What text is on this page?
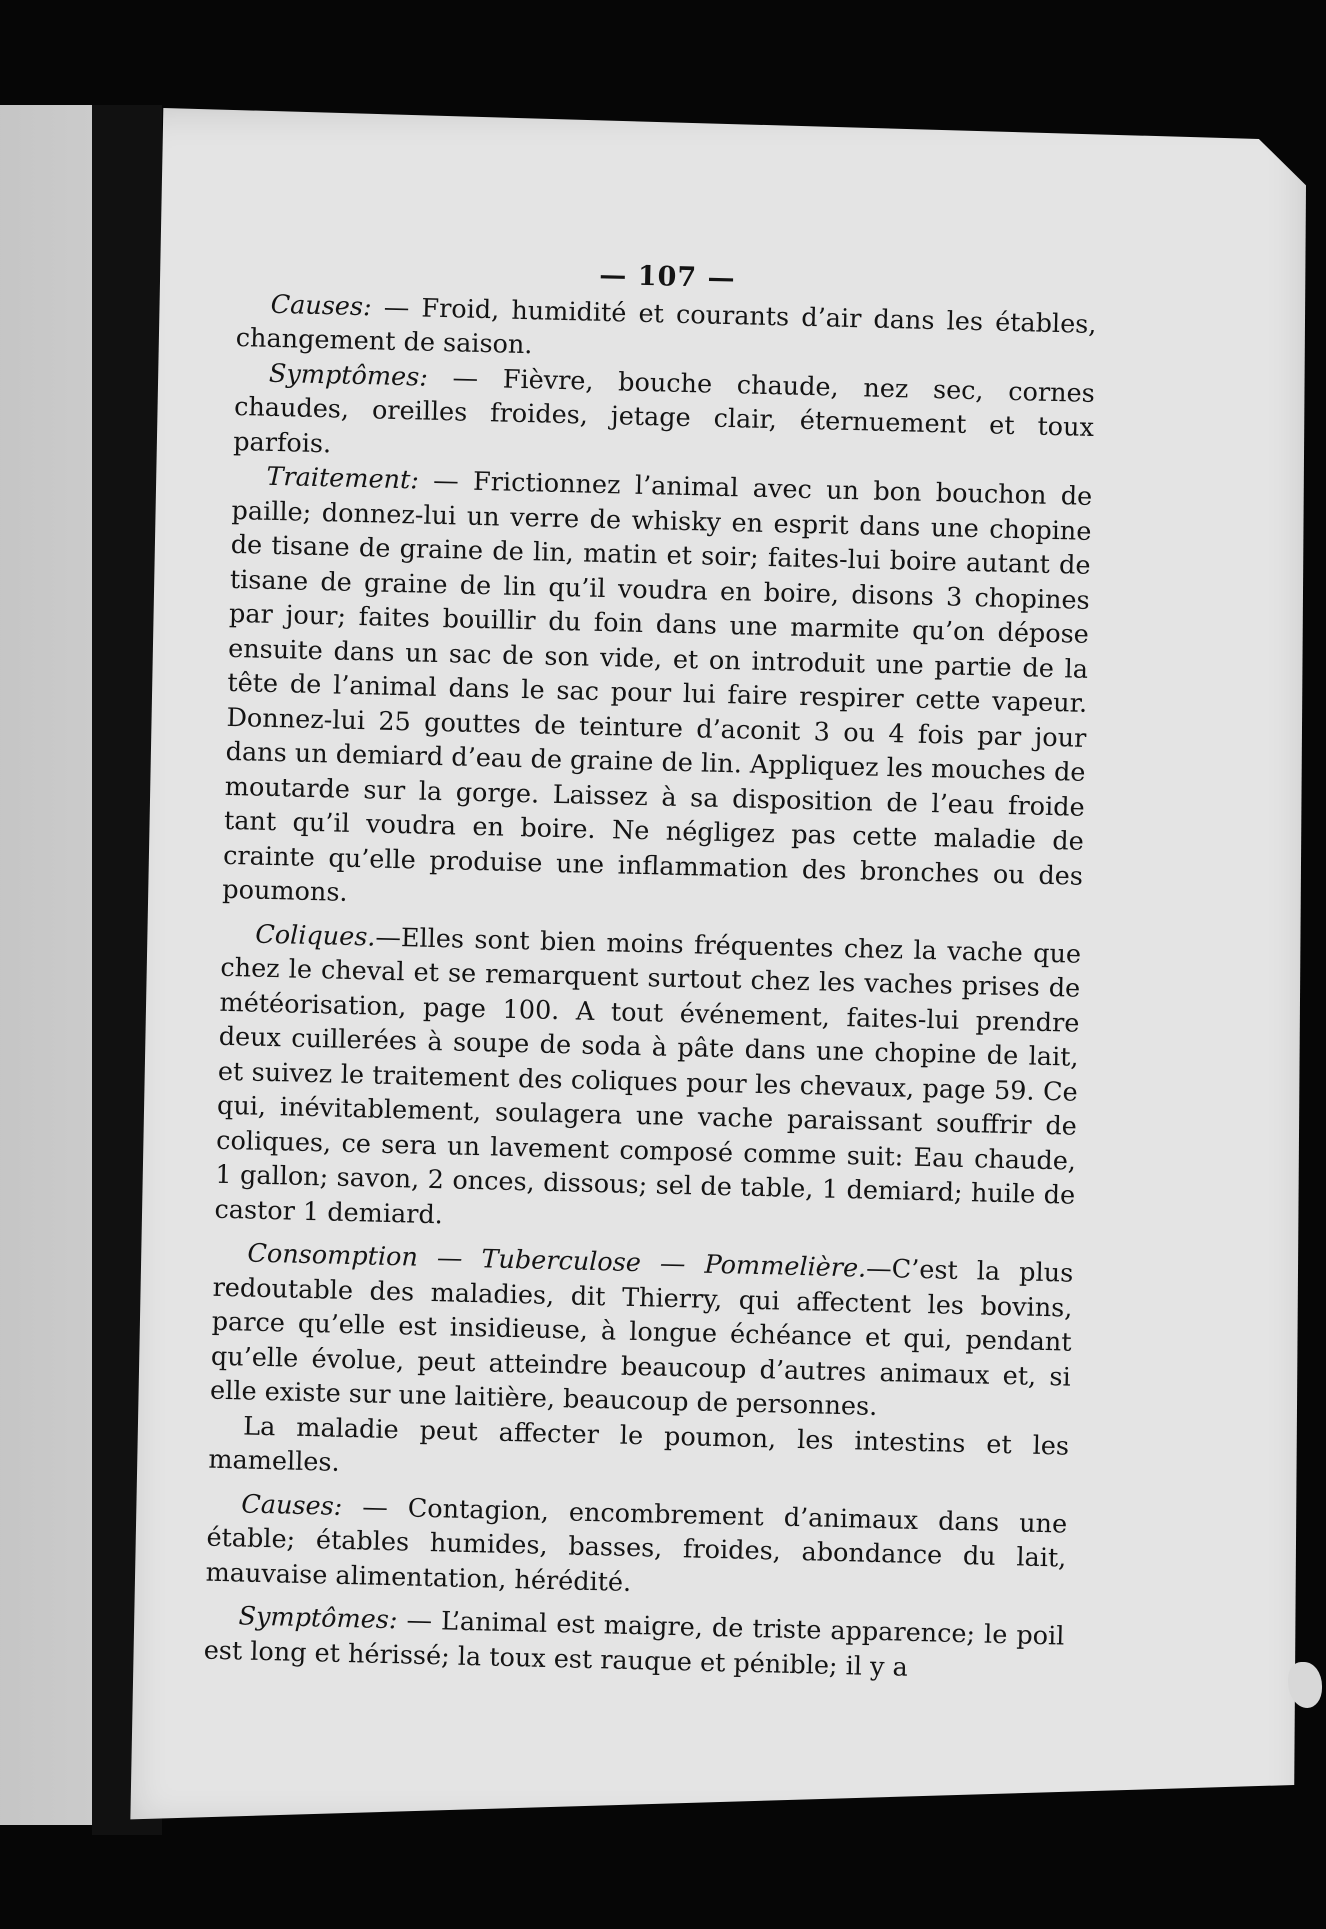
— 107 —

Causes: — Froid, humidité et courants d’air dans les étables, changement de saison.

Symptômes: — Fièvre, bouche chaude, nez sec, cornes chaudes, oreilles froides, jetage clair, éternuement et toux parfois.

Traitement: — Frictionnez l’animal avec un bon bouchon de paille; donnez-lui un verre de whisky en esprit dans une chopine de tisane de graine de lin, matin et soir; faites-lui boire autant de tisane de graine de lin qu’il voudra en boire, disons 3 chopines par jour; faites bouillir du foin dans une marmite qu’on dépose ensuite dans un sac de son vide, et on introduit une partie de la tête de l’animal dans le sac pour lui faire respirer cette vapeur. Donnez-lui 25 gouttes de teinture d’aconit 3 ou 4 fois par jour dans un demiard d’eau de graine de lin. Appliquez les mouches de moutarde sur la gorge. Laissez à sa disposition de l’eau froide tant qu’il voudra en boire. Ne négligez pas cette maladie de crainte qu’elle produise une inflammation des bronches ou des poumons.

Coliques.—Elles sont bien moins fréquentes chez la vache que chez le cheval et se remarquent surtout chez les vaches prises de météorisation, page 100. A tout événement, faites-lui prendre deux cuillerées à soupe de soda à pâte dans une chopine de lait, et suivez le traitement des coliques pour les chevaux, page 59. Ce qui, inévitablement, soulagera une vache paraissant souffrir de coliques, ce sera un lavement composé comme suit: Eau chaude, 1 gallon; savon, 2 onces, dissous; sel de table, 1 demiard; huile de castor 1 demiard.

Consomption — Tuberculose — Pommelière.—C’est la plus redoutable des maladies, dit Thierry, qui affectent les bovins, parce qu’elle est insidieuse, à longue échéance et qui, pendant qu’elle évolue, peut atteindre beaucoup d’autres animaux et, si elle existe sur une laitière, beaucoup de personnes.

La maladie peut affecter le poumon, les intestins et les mamelles.

Causes: — Contagion, encombrement d’animaux dans une étable; étables humides, basses, froides, abondance du lait, mauvaise alimentation, hérédité.

Symptômes: — L’animal est maigre, de triste apparence; le poil est long et hérissé; la toux est rauque et pénible; il y a
